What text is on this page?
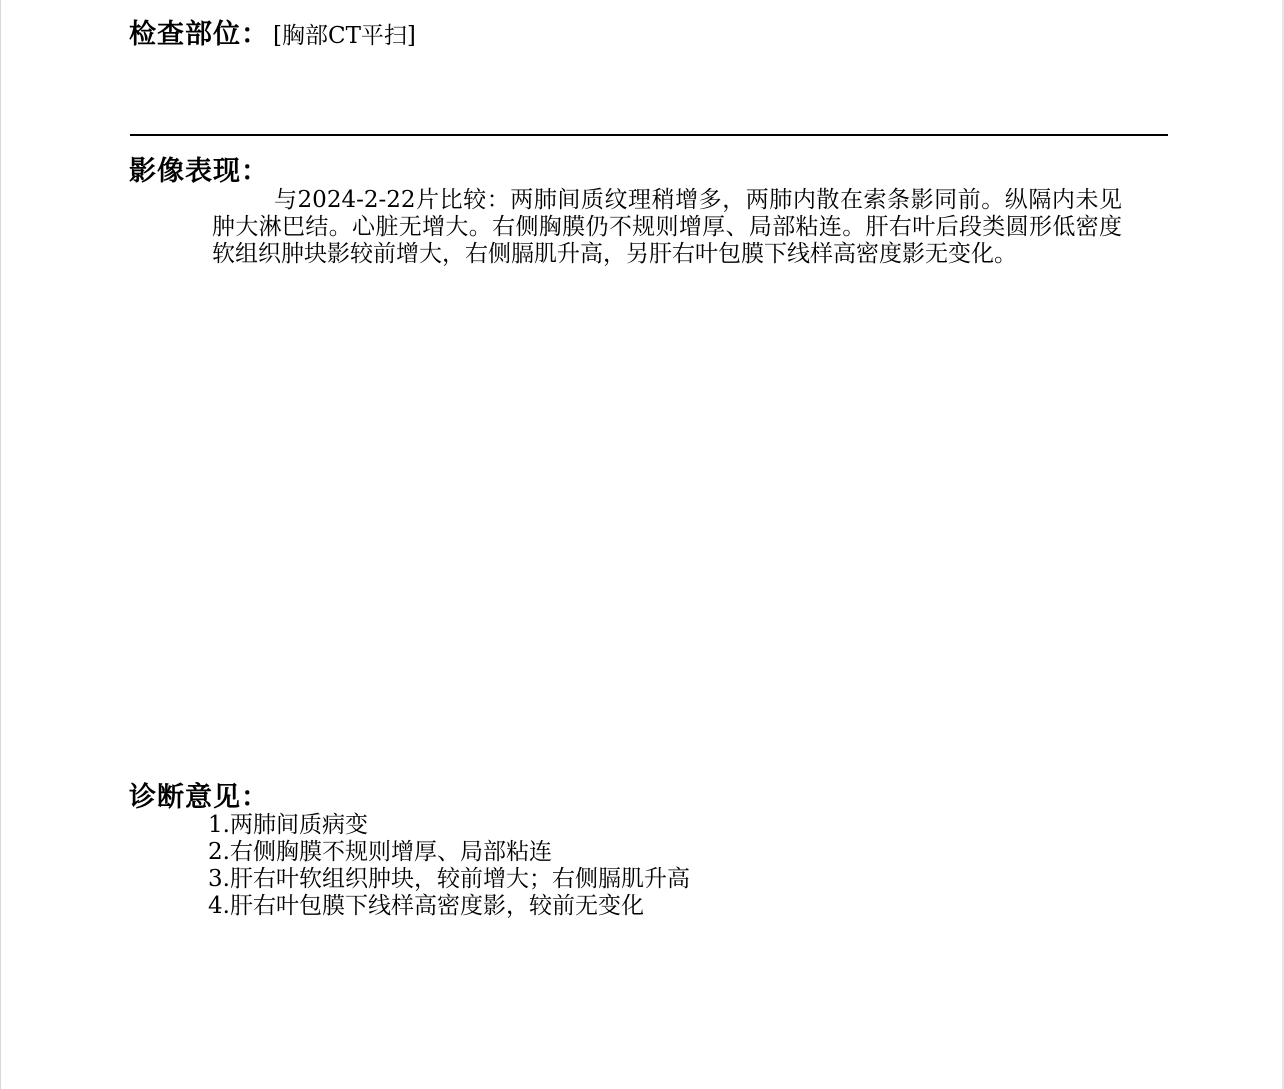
检查部位： [胸部CT平扫]
影像表现：
与2024-2-22片比较：两肺间质纹理稍增多，两肺内散在索条影同前。纵隔内未见肿大淋巴结。心脏无增大。右侧胸膜仍不规则增厚、局部粘连。肝右叶后段类圆形低密度软组织肿块影较前增大，右侧膈肌升高，另肝右叶包膜下线样高密度影无变化。
诊断意见：
1.两肺间质病变
2.右侧胸膜不规则增厚、局部粘连
3.肝右叶软组织肿块，较前增大；右侧膈肌升高
4.肝右叶包膜下线样高密度影，较前无变化
